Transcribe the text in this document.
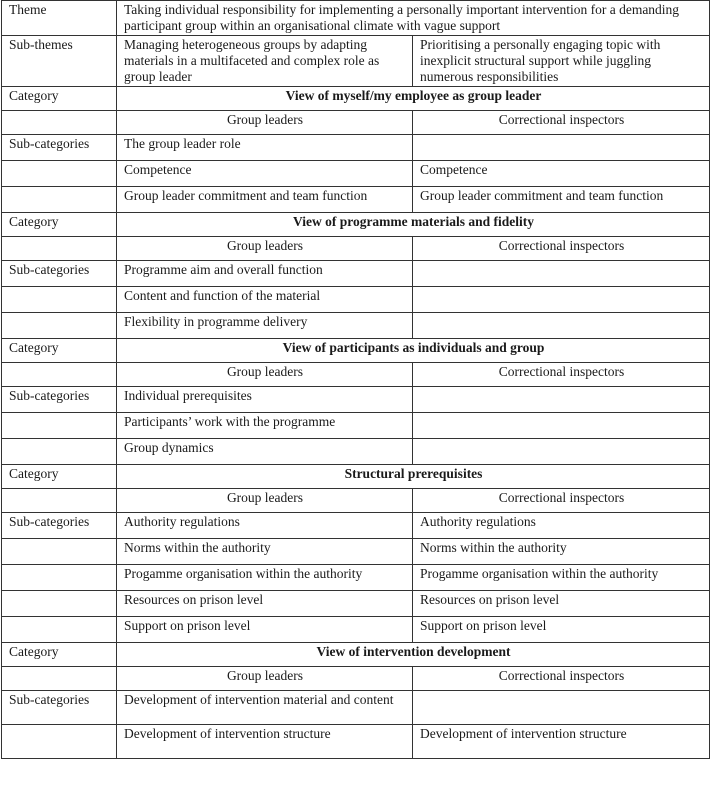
Theme	Taking individual responsibility for implementing a personally important intervention for a demanding participant group within an organisational climate with vague support	
Sub-themes	Managing heterogeneous groups by adapting materials in a multifaceted and complex role as group leader	Prioritising a personally engaging topic with inexplicit structural support while juggling numerous responsibilities
Category	View of myself/my employee as group leader	
	Group leaders	Correctional inspectors
Sub-categories	The group leader role	
	Competence	Competence
	Group leader commitment and team function	Group leader commitment and team function
Category	View of programme materials and fidelity	
	Group leaders	Correctional inspectors
Sub-categories	Programme aim and overall function	
	Content and function of the material	
	Flexibility in programme delivery	
Category	View of participants as individuals and group	
	Group leaders	Correctional inspectors
Sub-categories	Individual prerequisites	
	Participants’ work with the programme	
	Group dynamics	
Category	Structural prerequisites	
	Group leaders	Correctional inspectors
Sub-categories	Authority regulations	Authority regulations
	Norms within the authority	Norms within the authority
	Progamme organisation within the authority	Progamme organisation within the authority
	Resources on prison level	Resources on prison level
	Support on prison level	Support on prison level
Category	View of intervention development	
	Group leaders	Correctional inspectors
Sub-categories	Development of intervention material and content	
	Development of intervention structure	Development of intervention structure
